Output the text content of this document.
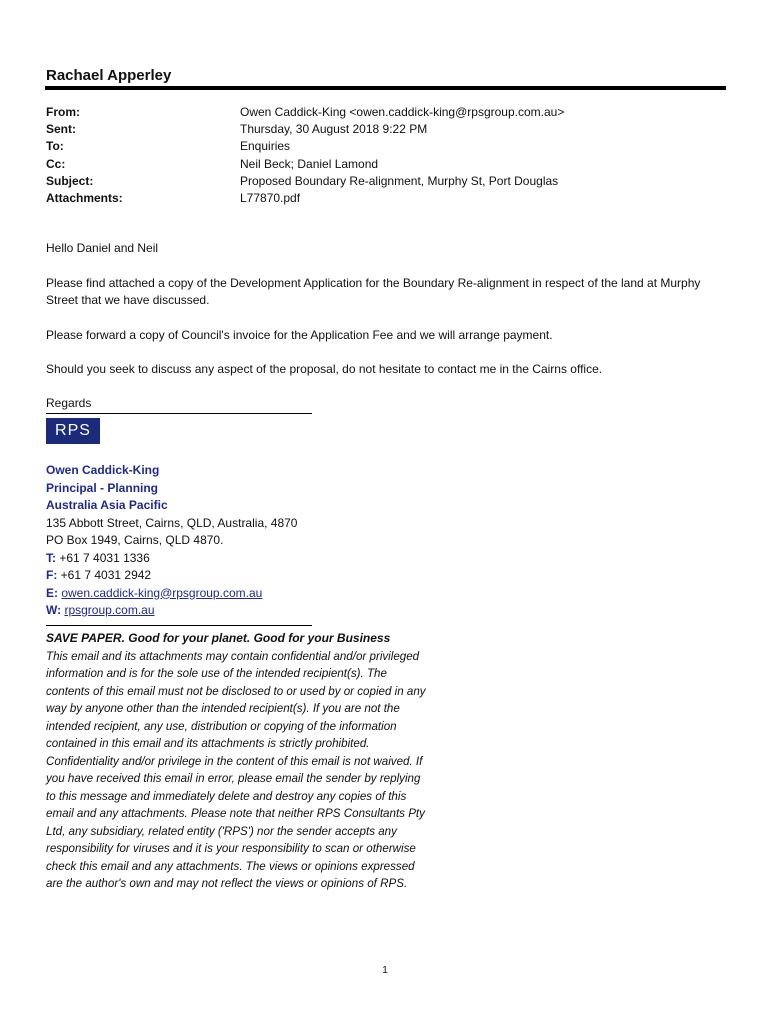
Rachael Apperley
From:	Owen Caddick-King <owen.caddick-king@rpsgroup.com.au>
Sent:	Thursday, 30 August 2018 9:22 PM
To:	Enquiries
Cc:	Neil Beck; Daniel Lamond
Subject:	Proposed Boundary Re-alignment, Murphy St, Port Douglas
Attachments:	L77870.pdf

Hello Daniel and Neil

Please find attached a copy of the Development Application for the Boundary Re-alignment in respect of the land at Murphy Street that we have discussed.

Please forward a copy of Council's invoice for the Application Fee and we will arrange payment.

Should you seek to discuss any aspect of the proposal, do not hesitate to contact me in the Cairns office.

Regards
RPS
Owen Caddick-King
Principal - Planning
Australia Asia Pacific
135 Abbott Street, Cairns, QLD, Australia, 4870
PO Box 1949, Cairns, QLD 4870.
T: +61 7 4031 1336
F: +61 7 4031 2942
E: owen.caddick-king@rpsgroup.com.au
W: rpsgroup.com.au
SAVE PAPER. Good for your planet. Good for your Business
This email and its attachments may contain confidential and/or privileged information and is for the sole use of the intended recipient(s). The contents of this email must not be disclosed to or used by or copied in any way by anyone other than the intended recipient(s). If you are not the intended recipient, any use, distribution or copying of the information contained in this email and its attachments is strictly prohibited. Confidentiality and/or privilege in the content of this email is not waived. If you have received this email in error, please email the sender by replying to this message and immediately delete and destroy any copies of this email and any attachments. Please note that neither RPS Consultants Pty Ltd, any subsidiary, related entity ('RPS') nor the sender accepts any responsibility for viruses and it is your responsibility to scan or otherwise check this email and any attachments. The views or opinions expressed are the author's own and may not reflect the views or opinions of RPS.
1
